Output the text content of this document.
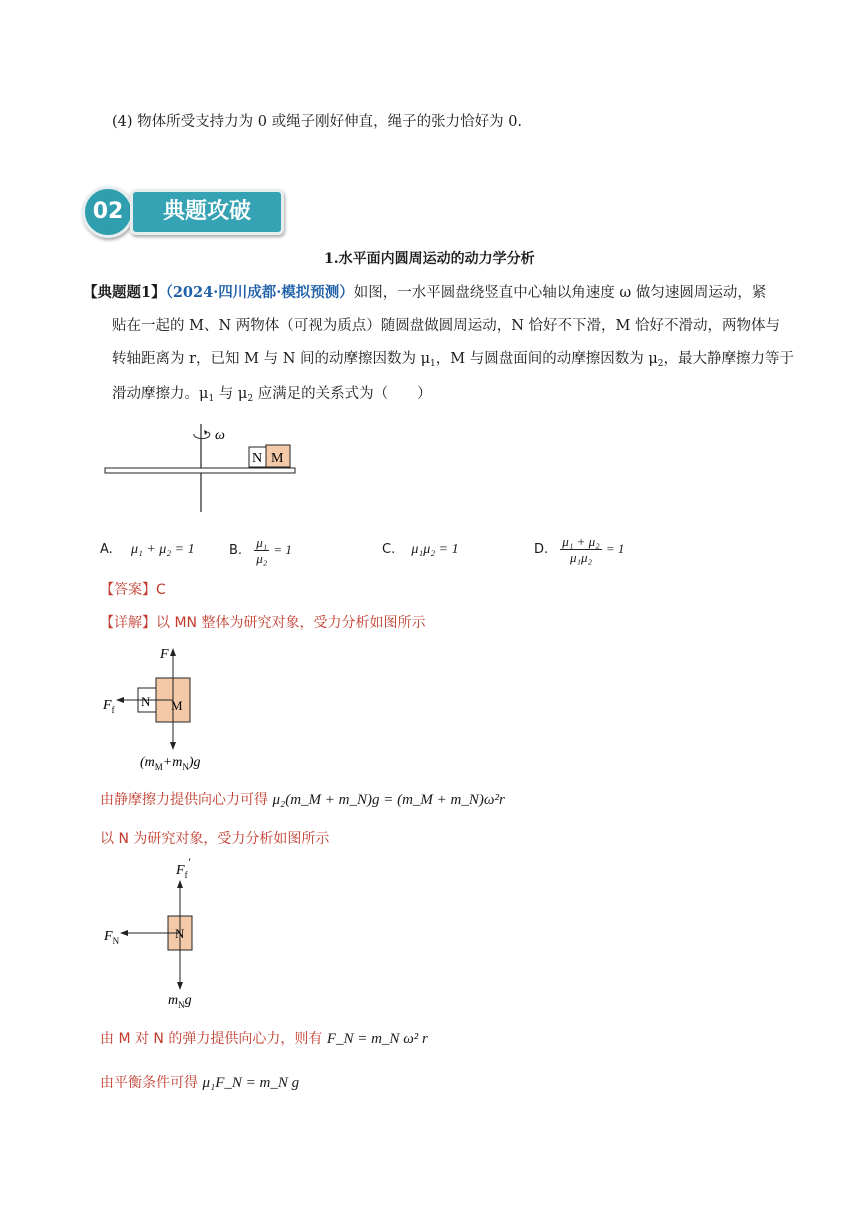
(4) 物体所受支持力为 0 或绳子刚好伸直，绳子的张力恰好为 0.
02	典题攻破
1.水平面内圆周运动的动力学分析
【典题题1】（2024·四川成都·模拟预测）如图，一水平圆盘绕竖直中心轴以角速度 ω 做匀速圆周运动，紧
贴在一起的 M、N 两物体（可视为质点）随圆盘做圆周运动，N 恰好不下滑，M 恰好不滑动，两物体与
转轴距离为 r，已知 M 与 N 间的动摩擦因数为 $\mu_1$，M 与圆盘面间的动摩擦因数为 $\mu_2$，最大静摩擦力等于
滑动摩擦力。$\mu_1$ 与 $\mu_2$ 应满足的关系式为（　　）
ω
N M
A. μ₁ + μ₂ = 1	B. $\frac{\text{μ₁}}{\text{μ₂}} = 1$	C. μ₁μ₂ = 1	D. $\frac{\text{μ₁ + μ₂}}{\text{μ₁μ₂}} = 1$
【答案】C
【详解】以 MN 整体为研究对象，受力分析如图所示
F
$F_f$
N M
$(m_M+m_N)g$
由静摩擦力提供向心力可得 μ₂(m_M + m_N)g = (m_M + m_N)ω²r
以 N 为研究对象，受力分析如图所示
$F_f'$
$F_N$	N
$m_Ng$
由 M 对 N 的弹力提供向心力，则有 F_N = m_N ω² r
由平衡条件可得 μ₁F_N = m_N g
